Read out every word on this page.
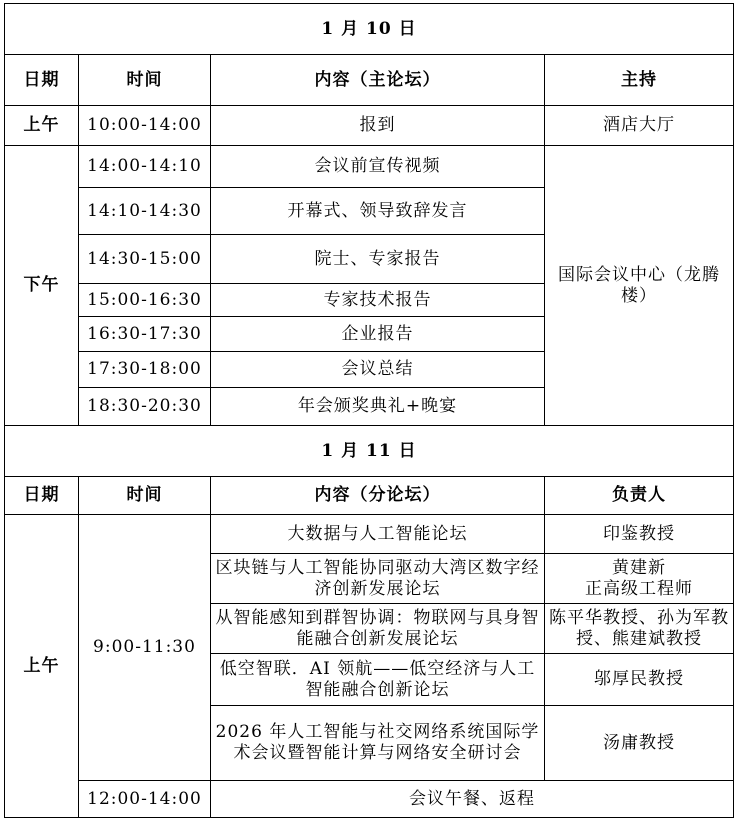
1 月 10 日			
日期	时间	内容（主论坛）	主持
上午	10:00-14:00	报到	酒店大厅
下午	14:00-14:10	会议前宣传视频	国际会议中心（龙腾楼）
	14:10-14:30	开幕式、领导致辞发言	
	14:30-15:00	院士、专家报告	
	15:00-16:30	专家技术报告	
	16:30-17:30	企业报告	
	17:30-18:00	会议总结	
	18:30-20:30	年会颁奖典礼+晚宴	
1 月 11 日			
日期	时间	内容（分论坛）	负责人
上午	9:00-11:30	大数据与人工智能论坛	印鉴教授
		区块链与人工智能协同驱动大湾区数字经济创新发展论坛	黄建新
正高级工程师
		从智能感知到群智协调：物联网与具身智能融合创新发展论坛	陈平华教授、孙为军教授、熊建斌教授
		低空智联．AI 领航——低空经济与人工智能融合创新论坛	邬厚民教授
		2026 年人工智能与社交网络系统国际学术会议暨智能计算与网络安全研讨会	汤庸教授
	12:00-14:00	会议午餐、返程	
